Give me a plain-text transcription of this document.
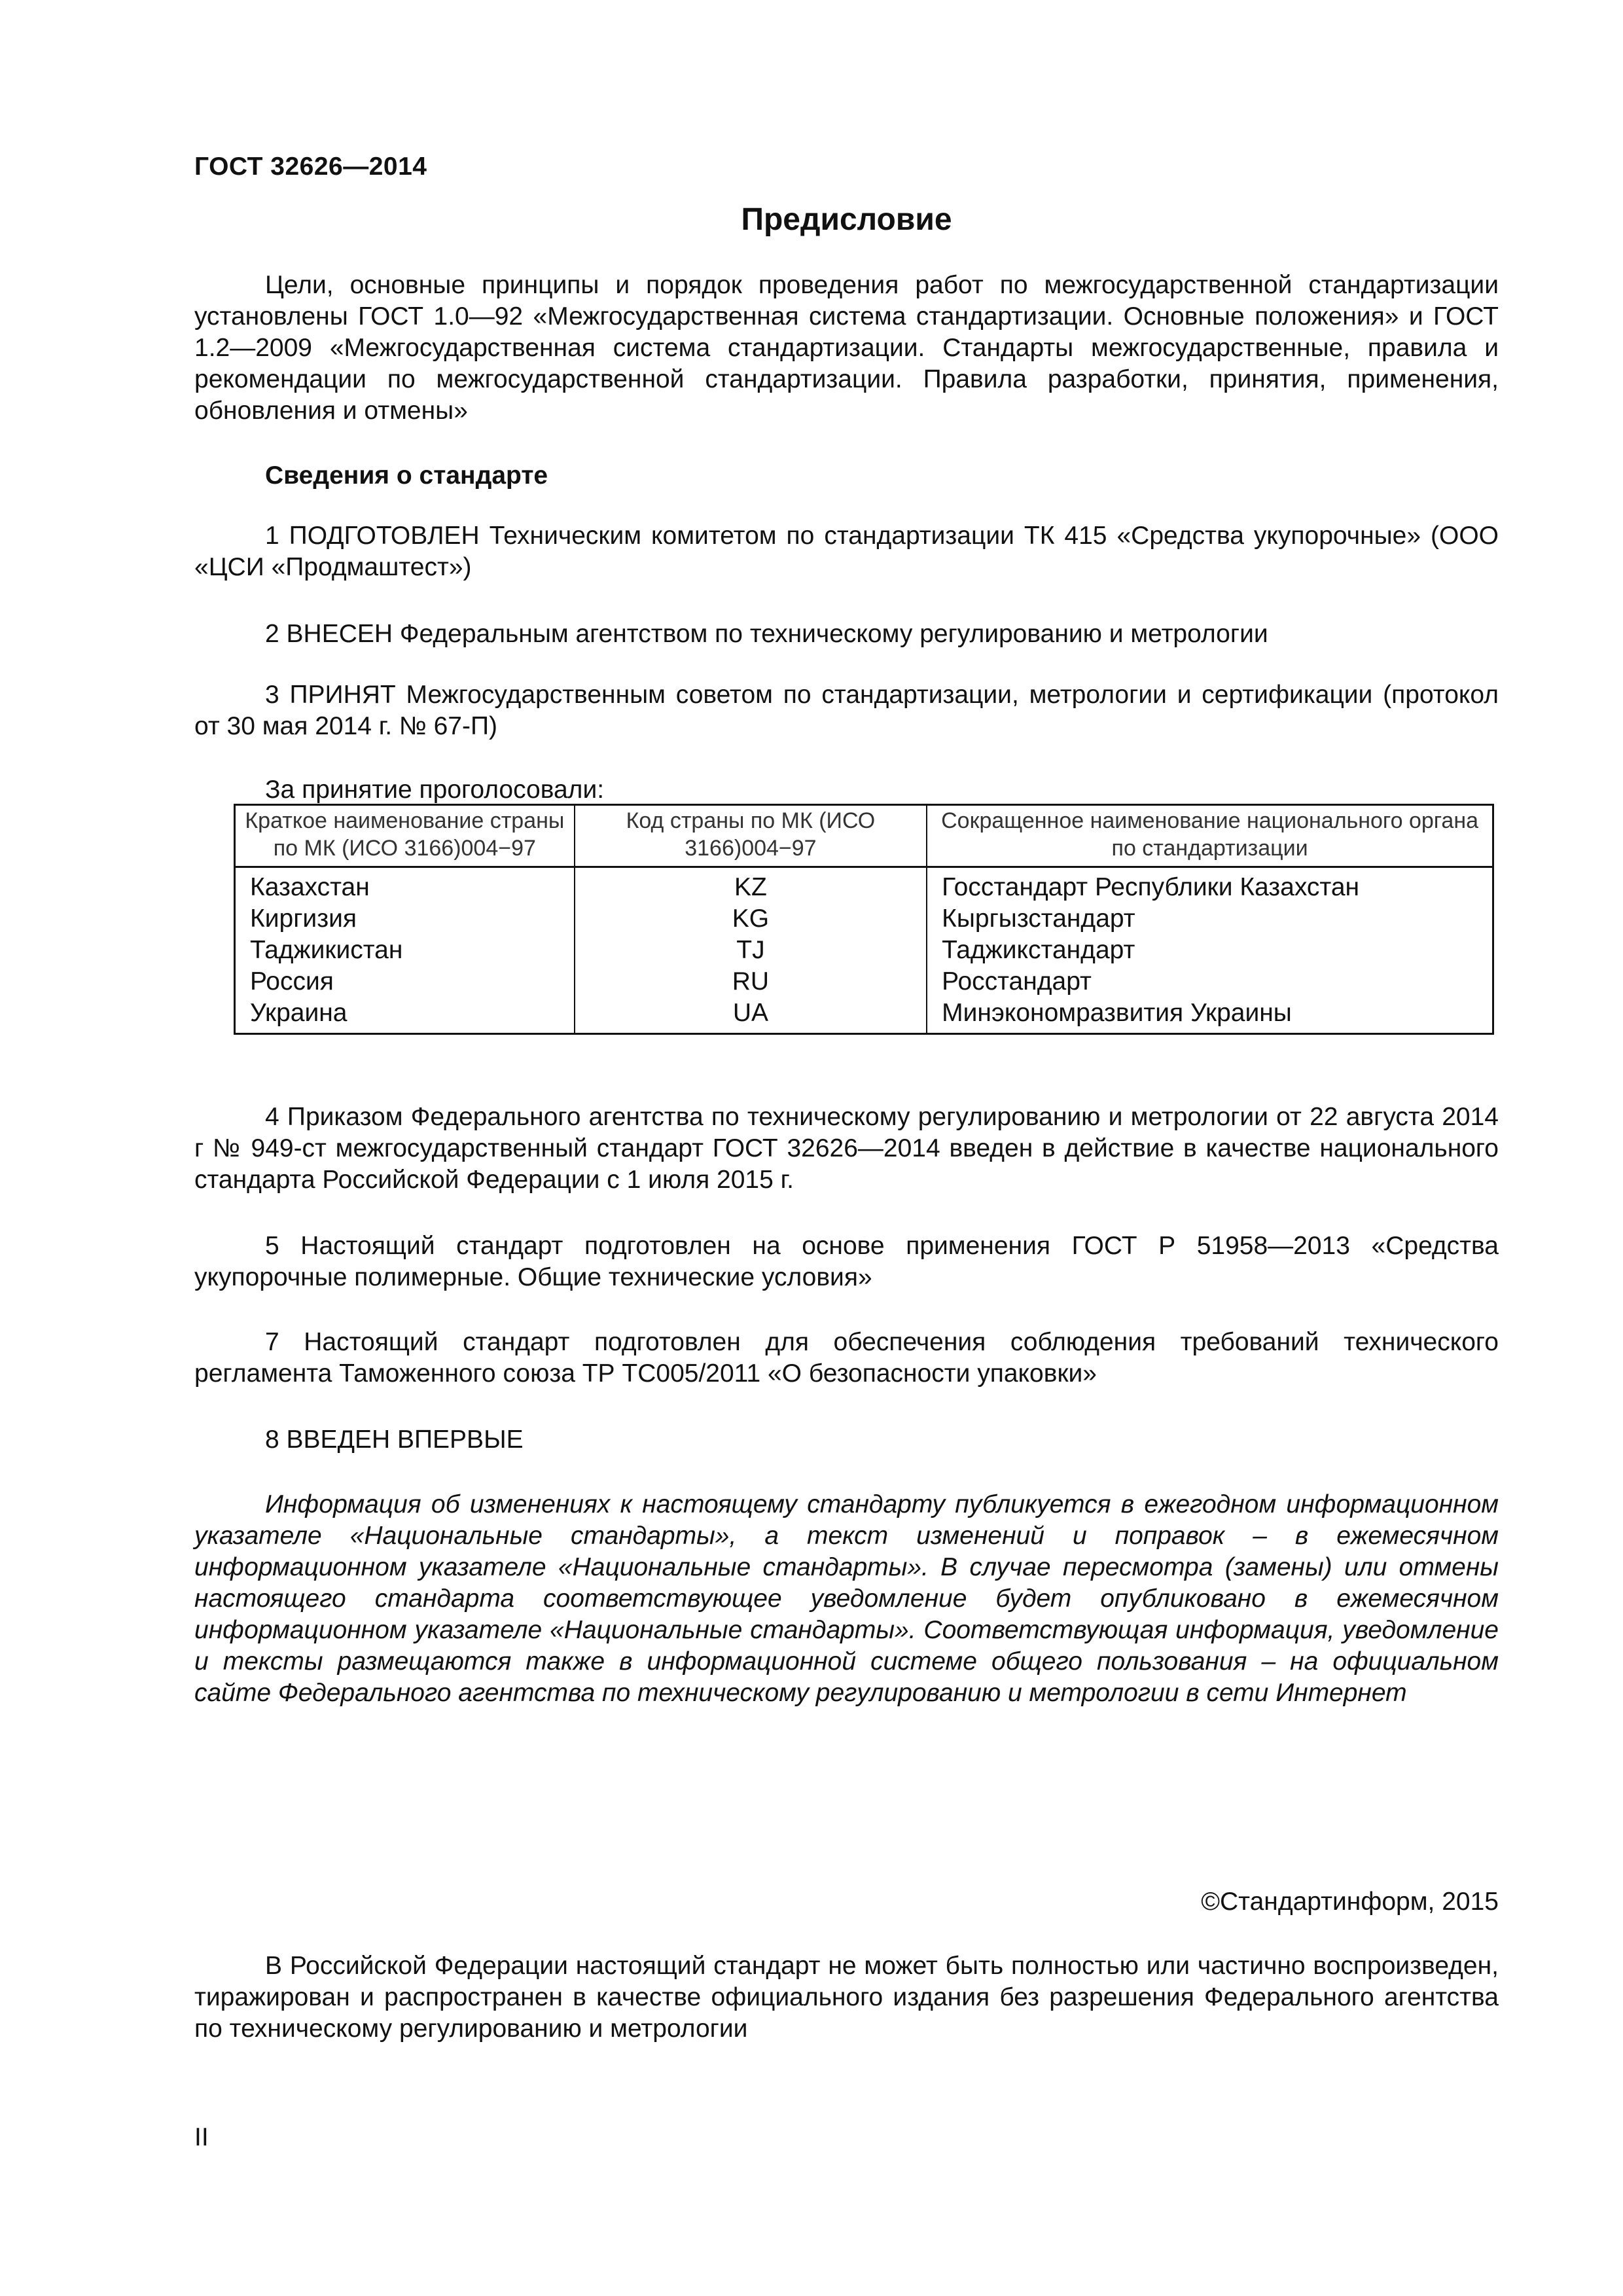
ГОСТ 32626—2014
Предисловие

Цели, основные принципы и порядок проведения работ по межгосударственной стандартизации установлены ГОСТ 1.0—92 «Межгосударственная система стандартизации. Основные положения» и ГОСТ 1.2—2009 «Межгосударственная система стандартизации. Стандарты межгосударственные, правила и рекомендации по межгосударственной стандартизации. Правила разработки, принятия, применения, обновления и отмены»

Сведения о стандарте

1 ПОДГОТОВЛЕН Техническим комитетом по стандартизации ТК 415 «Средства укупорочные» (ООО «ЦСИ «Продмаштест»)

2 ВНЕСЕН Федеральным агентством по техническому регулированию и метрологии

3 ПРИНЯТ Межгосударственным советом по стандартизации, метрологии и сертификации (протокол от 30 мая 2014 г. № 67-П)

За принятие проголосовали:
Краткое наименование страны по МК (ИСО 3166)004−97	Код страны по МК (ИСО 3166)004−97	Сокращенное наименование национального органа по стандартизации
Казахстан	KZ	Госстандарт Республики Казахстан
Киргизия	KG	Кыргызстандарт
Таджикистан	TJ	Таджикстандарт
Россия	RU	Росстандарт
Украина	UA	Минэкономразвития Украины

4 Приказом Федерального агентства по техническому регулированию и метрологии от 22 августа 2014 г № 949-ст межгосударственный стандарт ГОСТ 32626—2014 введен в действие в качестве национального стандарта Российской Федерации с 1 июля 2015 г.

5 Настоящий стандарт подготовлен на основе применения ГОСТ Р 51958—2013 «Средства укупорочные полимерные. Общие технические условия»

7 Настоящий стандарт подготовлен для обеспечения соблюдения требований технического регламента Таможенного союза ТР ТС005/2011 «О безопасности упаковки»

8 ВВЕДЕН ВПЕРВЫЕ

Информация об изменениях к настоящему стандарту публикуется в ежегодном информационном указателе «Национальные стандарты», а текст изменений и поправок – в ежемесячном информационном указателе «Национальные стандарты». В случае пересмотра (замены) или отмены настоящего стандарта соответствующее уведомление будет опубликовано в ежемесячном информационном указателе «Национальные стандарты». Соответствующая информация, уведомление и тексты размещаются также в информационной системе общего пользования – на официальном сайте Федерального агентства по техническому регулированию и метрологии в сети Интернет

©Стандартинформ, 2015

В Российской Федерации настоящий стандарт не может быть полностью или частично воспроизведен, тиражирован и распространен в качестве официального издания без разрешения Федерального агентства по техническому регулированию и метрологии

II
